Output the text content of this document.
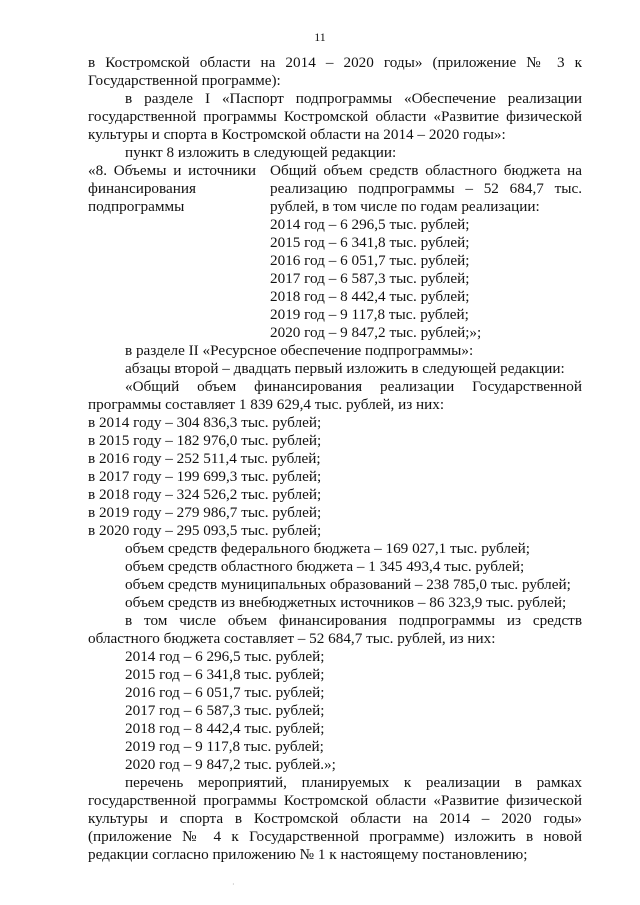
11
в Костромской области на 2014 – 2020 годы» (приложение № 3 к
Государственной программе):
в разделе I «Паспорт подпрограммы «Обеспечение реализации
государственной программы Костромской области «Развитие физической
культуры и спорта в Костромской области на 2014 – 2020 годы»:
пункт 8 изложить в следующей редакции:
«8. Объемы и источники
финансирования
подпрограммы
Общий объем средств областного бюджета на
реализацию подпрограммы – 52 684,7 тыс.
рублей, в том числе по годам реализации:
2014 год – 6 296,5 тыс. рублей;
2015 год – 6 341,8 тыс. рублей;
2016 год – 6 051,7 тыс. рублей;
2017 год – 6 587,3 тыс. рублей;
2018 год – 8 442,4 тыс. рублей;
2019 год – 9 117,8 тыс. рублей;
2020 год – 9 847,2 тыс. рублей;»;
в разделе II «Ресурсное обеспечение подпрограммы»:
абзацы второй – двадцать первый изложить в следующей редакции:
«Общий объем финансирования реализации Государственной
программы составляет 1 839 629,4 тыс. рублей, из них:
в 2014 году – 304 836,3 тыс. рублей;
в 2015 году – 182 976,0 тыс. рублей;
в 2016 году – 252 511,4 тыс. рублей;
в 2017 году – 199 699,3 тыс. рублей;
в 2018 году – 324 526,2 тыс. рублей;
в 2019 году – 279 986,7 тыс. рублей;
в 2020 году – 295 093,5 тыс. рублей;
объем средств федерального бюджета – 169 027,1 тыс. рублей;
объем средств областного бюджета – 1 345 493,4 тыс. рублей;
объем средств муниципальных образований – 238 785,0 тыс. рублей;
объем средств из внебюджетных источников – 86 323,9 тыс. рублей;
в том числе объем финансирования подпрограммы из средств
областного бюджета составляет – 52 684,7 тыс. рублей, из них:
2014 год – 6 296,5 тыс. рублей;
2015 год – 6 341,8 тыс. рублей;
2016 год – 6 051,7 тыс. рублей;
2017 год – 6 587,3 тыс. рублей;
2018 год – 8 442,4 тыс. рублей;
2019 год – 9 117,8 тыс. рублей;
2020 год – 9 847,2 тыс. рублей.»;
перечень мероприятий, планируемых к реализации в рамках
государственной программы Костромской области «Развитие физической
культуры и спорта в Костромской области на 2014 – 2020 годы»
(приложение № 4 к Государственной программе) изложить в новой
редакции согласно приложению № 1 к настоящему постановлению;
·
